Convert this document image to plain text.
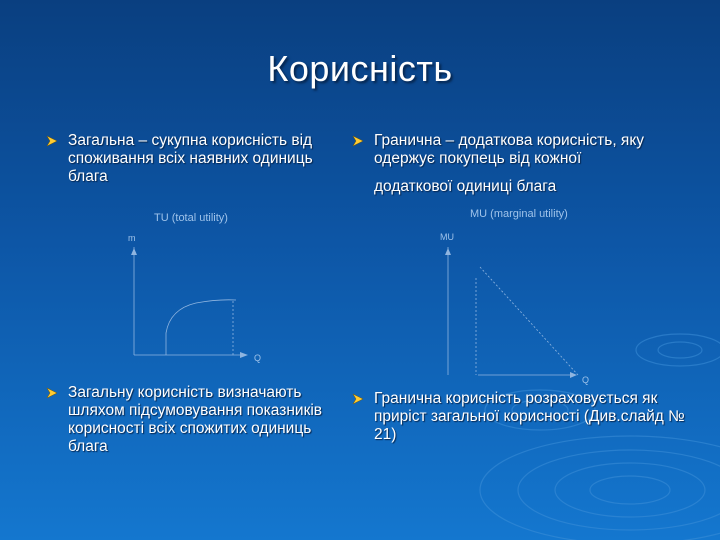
Корисність
Загальна – сукупна корисність від споживання всіх наявних одиниць блага
Гранична – додаткова корисність, яку
одержує покупець від кожної
додаткової одиниці блага
TU (total utility)
m
Q
MU (marginal utility)
MU
Q
Загальну корисність визначають шляхом підсумовування показників корисності всіх спожитих одиниць блага
Гранична корисність розраховується як приріст загальної корисності (Див.слайд № 21)
